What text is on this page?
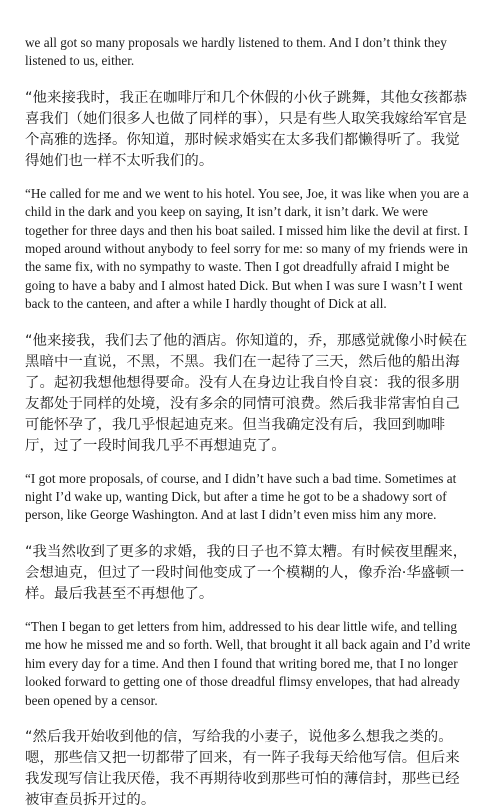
we all got so many proposals we hardly listened to them. And I don’t think they listened to us, either.

“他来接我时，我正在咖啡厅和几个休假的小伙子跳舞，其他女孩都恭喜我们（她们很多人也做了同样的事），只是有些人取笑我嫁给军官是个高雅的选择。你知道，那时候求婚实在太多我们都懒得听了。我觉得她们也一样不太听我们的。

“He called for me and we went to his hotel. You see, Joe, it was like when you are a child in the dark and you keep on saying, It isn’t dark, it isn’t dark. We were together for three days and then his boat sailed. I missed him like the devil at first. I moped around without anybody to feel sorry for me: so many of my friends were in the same fix, with no sympathy to waste. Then I got dreadfully afraid I might be going to have a baby and I almost hated Dick. But when I was sure I wasn’t I went back to the canteen, and after a while I hardly thought of Dick at all.

“他来接我，我们去了他的酒店。你知道的，乔，那感觉就像小时候在黑暗中一直说，不黑，不黑。我们在一起待了三天，然后他的船出海了。起初我想他想得要命。没有人在身边让我自怜自哀：我的很多朋友都处于同样的处境，没有多余的同情可浪费。然后我非常害怕自己可能怀孕了，我几乎恨起迪克来。但当我确定没有后，我回到咖啡厅，过了一段时间我几乎不再想迪克了。

“I got more proposals, of course, and I didn’t have such a bad time. Sometimes at night I’d wake up, wanting Dick, but after a time he got to be a shadowy sort of person, like George Washington. And at last I didn’t even miss him any more.

“我当然收到了更多的求婚，我的日子也不算太糟。有时候夜里醒来，会想迪克，但过了一段时间他变成了一个模糊的人，像乔治·华盛顿一样。最后我甚至不再想他了。

“Then I began to get letters from him, addressed to his dear little wife, and telling me how he missed me and so forth. Well, that brought it all back again and I’d write him every day for a time. And then I found that writing bored me, that I no longer looked forward to getting one of those dreadful flimsy envelopes, that had already been opened by a censor.

“然后我开始收到他的信，写给我的小妻子，说他多么想我之类的。嗯，那些信又把一切都带了回来，有一阵子我每天给他写信。但后来我发现写信让我厌倦，我不再期待收到那些可怕的薄信封，那些已经被审查员拆开过的。
